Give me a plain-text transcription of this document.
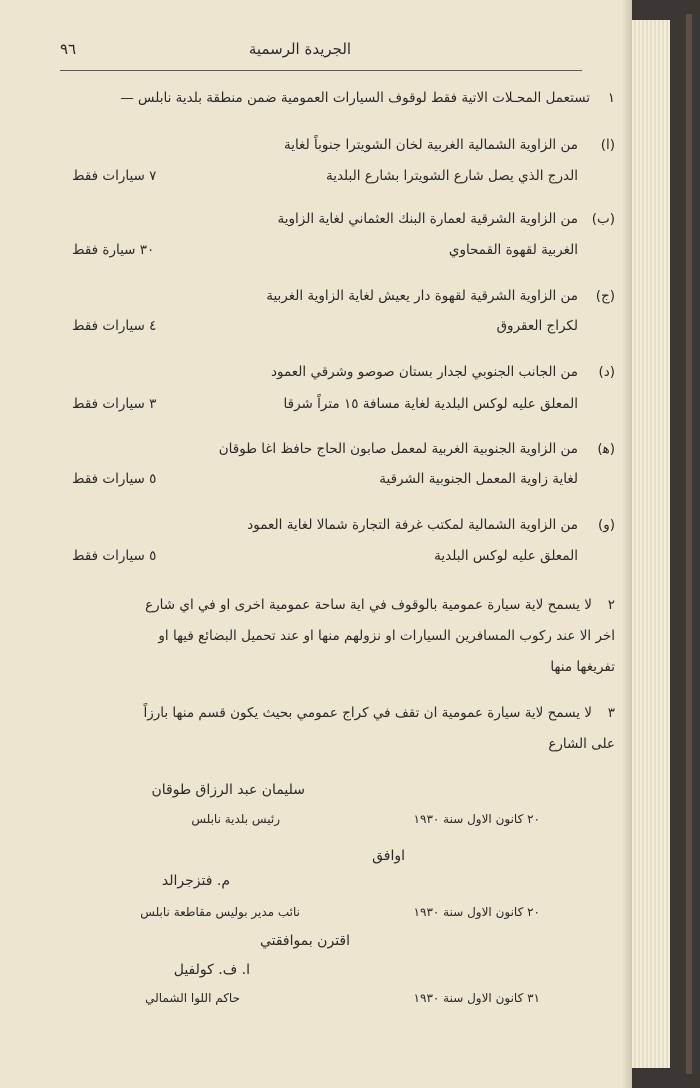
٩٦	الجريدة الرسمية
١
تستعمل المحـلات الاتية فقط لوقوف السيارات العمومية ضمن منطقة بلدية نابلس —
(ا)
من الزاوية الشمالية الغربية لخان الشويترا جنوباً لغاية
الدرج الذي يصل شارع الشويترا بشارع البلدية
٧ سيارات فقط
(ب)
من الزاوية الشرقية لعمارة البنك العثماني لغاية الزاوية
الغربية لقهوة القمحاوي
٣٠ سيارة فقط
(ج)
من الزاوية الشرقية لقهوة دار يعيش لغاية الزاوية الغربية
لكراج العقروق
٤ سيارات فقط
(د)
من الجانب الجنوبي لجدار بستان صوصو وشرقي العمود
المعلق عليه لوكس البلدية لغاية مسافة ١٥ متراً شرقا
٣ سيارات فقط
(ﻫ)
من الزاوية الجنوبية الغربية لمعمل صابون الحاج حافظ اغا طوقان
لغاية زاوية المعمل الجنوبية الشرقية
٥ سيارات فقط
(و)
من الزاوية الشمالية لمكتب غرفة التجارة شمالا لغاية العمود
المعلق عليه لوكس البلدية
٥ سيارات فقط
٢
لا يسمح لاية سيارة عمومية بالوقوف في اية ساحة عمومية اخرى او في اي شارع
اخر الا عند ركوب المسافرين السيارات او نزولهم منها او عند تحميل البضائع فيها او
تفريغها منها
٣
لا يسمح لاية سيارة عمومية ان تقف في كراج عمومي بحيث يكون قسم منها بارزاً
على الشارع
سليمان عبد الرزاق طوقان
رئيس بلدية نابلس	٢٠ كانون الاول سنة ١٩٣٠
اوافق
م. فتزجرالد
نائب مدير بوليس مقاطعة نابلس	٢٠ كانون الاول سنة ١٩٣٠
اقترن بموافقتي
ا. ف. كولفيل
حاكم اللوا الشمالي	٣١ كانون الاول سنة ١٩٣٠
